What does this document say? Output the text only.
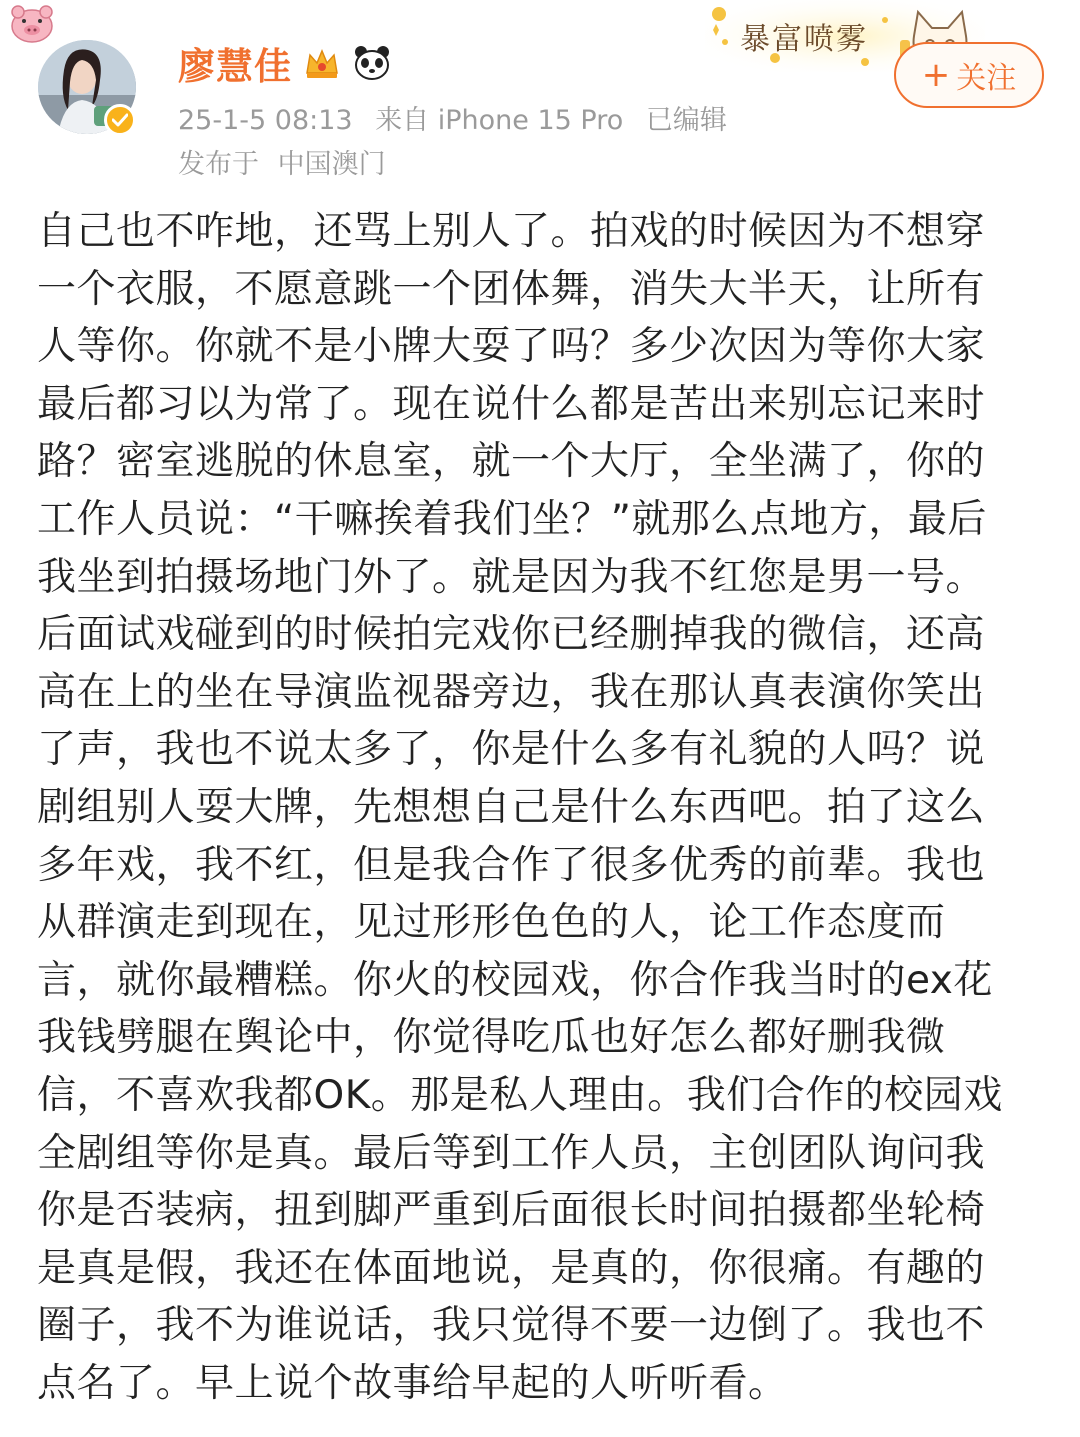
廖慧佳
25-1-5 08:13 来自 iPhone 15 Pro 已编辑
发布于 中国澳门
暴富喷雾
+ 关注
自己也不咋地，还骂上别人了。拍戏的时候因为不想穿
一个衣服，不愿意跳一个团体舞，消失大半天，让所有
人等你。你就不是小牌大耍了吗？多少次因为等你大家
最后都习以为常了。现在说什么都是苦出来别忘记来时
路？密室逃脱的休息室，就一个大厅，全坐满了，你的
工作人员说：“干嘛挨着我们坐？”就那么点地方，最后
我坐到拍摄场地门外了。就是因为我不红您是男一号。
后面试戏碰到的时候拍完戏你已经删掉我的微信，还高
高在上的坐在导演监视器旁边，我在那认真表演你笑出
了声，我也不说太多了，你是什么多有礼貌的人吗？说
剧组别人耍大牌，先想想自己是什么东西吧。拍了这么
多年戏，我不红，但是我合作了很多优秀的前辈。我也
从群演走到现在，见过形形色色的人，论工作态度而
言，就你最糟糕。你火的校园戏，你合作我当时的ex花
我钱劈腿在舆论中，你觉得吃瓜也好怎么都好删我微
信，不喜欢我都OK。那是私人理由。我们合作的校园戏
全剧组等你是真。最后等到工作人员，主创团队询问我
你是否装病，扭到脚严重到后面很长时间拍摄都坐轮椅
是真是假，我还在体面地说，是真的，你很痛。有趣的
圈子，我不为谁说话，我只觉得不要一边倒了。我也不
点名了。早上说个故事给早起的人听听看。
